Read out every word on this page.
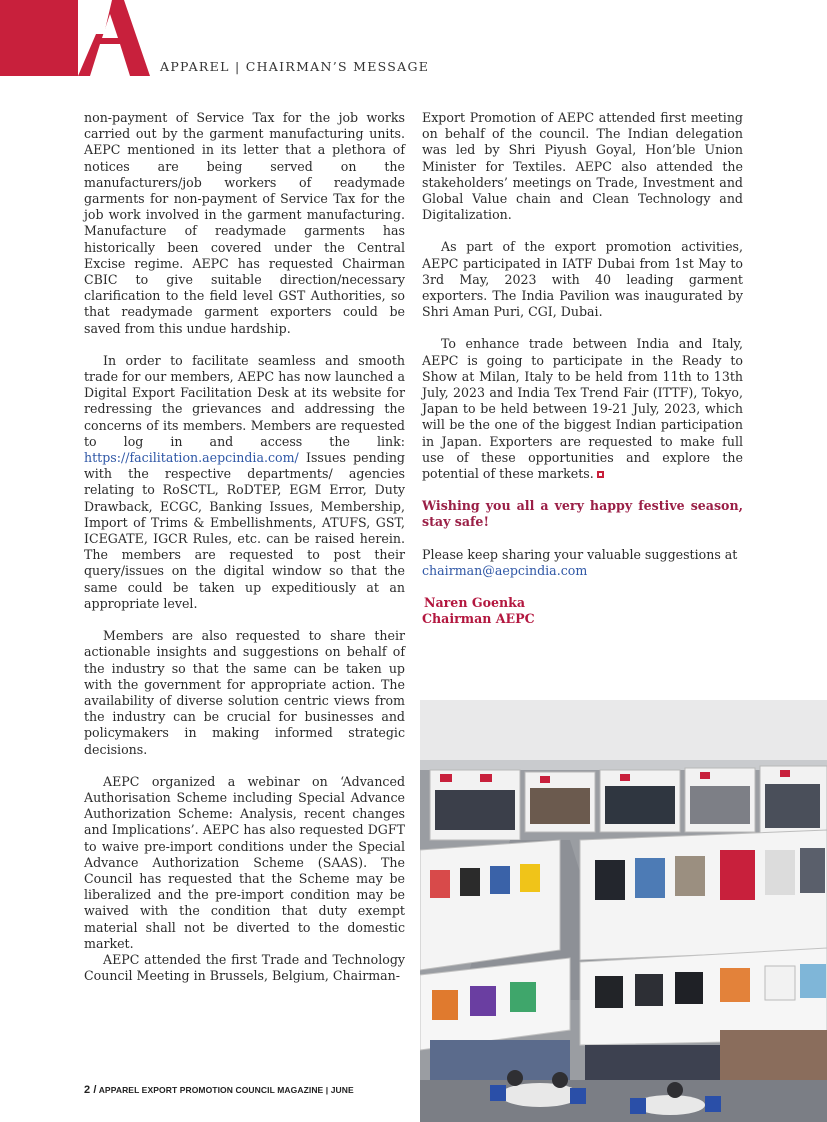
APPAREL | CHAIRMAN’S MESSAGE

non-payment of Service Tax for the job works carried out by the garment manufacturing units. AEPC mentioned in its letter that a plethora of notices are being served on the manufacturers/job workers of readymade garments for non-payment of Service Tax for the job work involved in the garment manufacturing. Manufacture of readymade garments has historically been covered under the Central Excise regime. AEPC has requested Chairman CBIC to give suitable direction/necessary clarification to the field level GST Authorities, so that readymade garment exporters could be saved from this undue hardship.

In order to facilitate seamless and smooth trade for our members, AEPC has now launched a Digital Export Facilitation Desk at its website for redressing the grievances and addressing the concerns of its members. Members are requested to log in and access the link: https://facilitation.aepcindia.com/ Issues pending with the respective departments/ agencies relating to RoSCTL, RoDTEP, EGM Error, Duty Drawback, ECGC, Banking Issues, Membership, Import of Trims & Embellishments, ATUFS, GST, ICEGATE, IGCR Rules, etc. can be raised herein. The members are requested to post their query/issues on the digital window so that the same could be taken up expeditiously at an appropriate level.

Members are also requested to share their actionable insights and suggestions on behalf of the industry so that the same can be taken up with the government for appropriate action. The availability of diverse solution centric views from the industry can be crucial for businesses and policymakers in making informed strategic decisions.

AEPC organized a webinar on ‘Advanced Authorisation Scheme including Special Advance Authorization Scheme: Analysis, recent changes and Implications’. AEPC has also requested DGFT to waive pre-import conditions under the Special Advance Authorization Scheme (SAAS). The Council has requested that the Scheme may be liberalized and the pre-import condition may be waived with the condition that duty exempt material shall not be diverted to the domestic market.

AEPC attended the first Trade and Technology Council Meeting in Brussels, Belgium, Chairman-

Export Promotion of AEPC attended first meeting on behalf of the council. The Indian delegation was led by Shri Piyush Goyal, Hon’ble Union Minister for Textiles. AEPC also attended the stakeholders’ meetings on Trade, Investment and Global Value chain and Clean Technology and Digitalization.

As part of the export promotion activities, AEPC participated in IATF Dubai from 1st May to 3rd May, 2023 with 40 leading garment exporters. The India Pavilion was inaugurated by Shri Aman Puri, CGI, Dubai.

To enhance trade between India and Italy, AEPC is going to participate in the Ready to Show at Milan, Italy to be held from 11th to 13th July, 2023 and India Tex Trend Fair (ITTF), Tokyo, Japan to be held between 19-21 July, 2023, which will be the one of the biggest Indian participation in Japan. Exporters are requested to make full use of these opportunities and explore the potential of these markets.

Wishing you all a very happy festive season, stay safe!

Please keep sharing your valuable suggestions at
chairman@aepcindia.com

Naren Goenka

Chairman AEPC

2 / APPAREL EXPORT PROMOTION COUNCIL MAGAZINE | JUNE
